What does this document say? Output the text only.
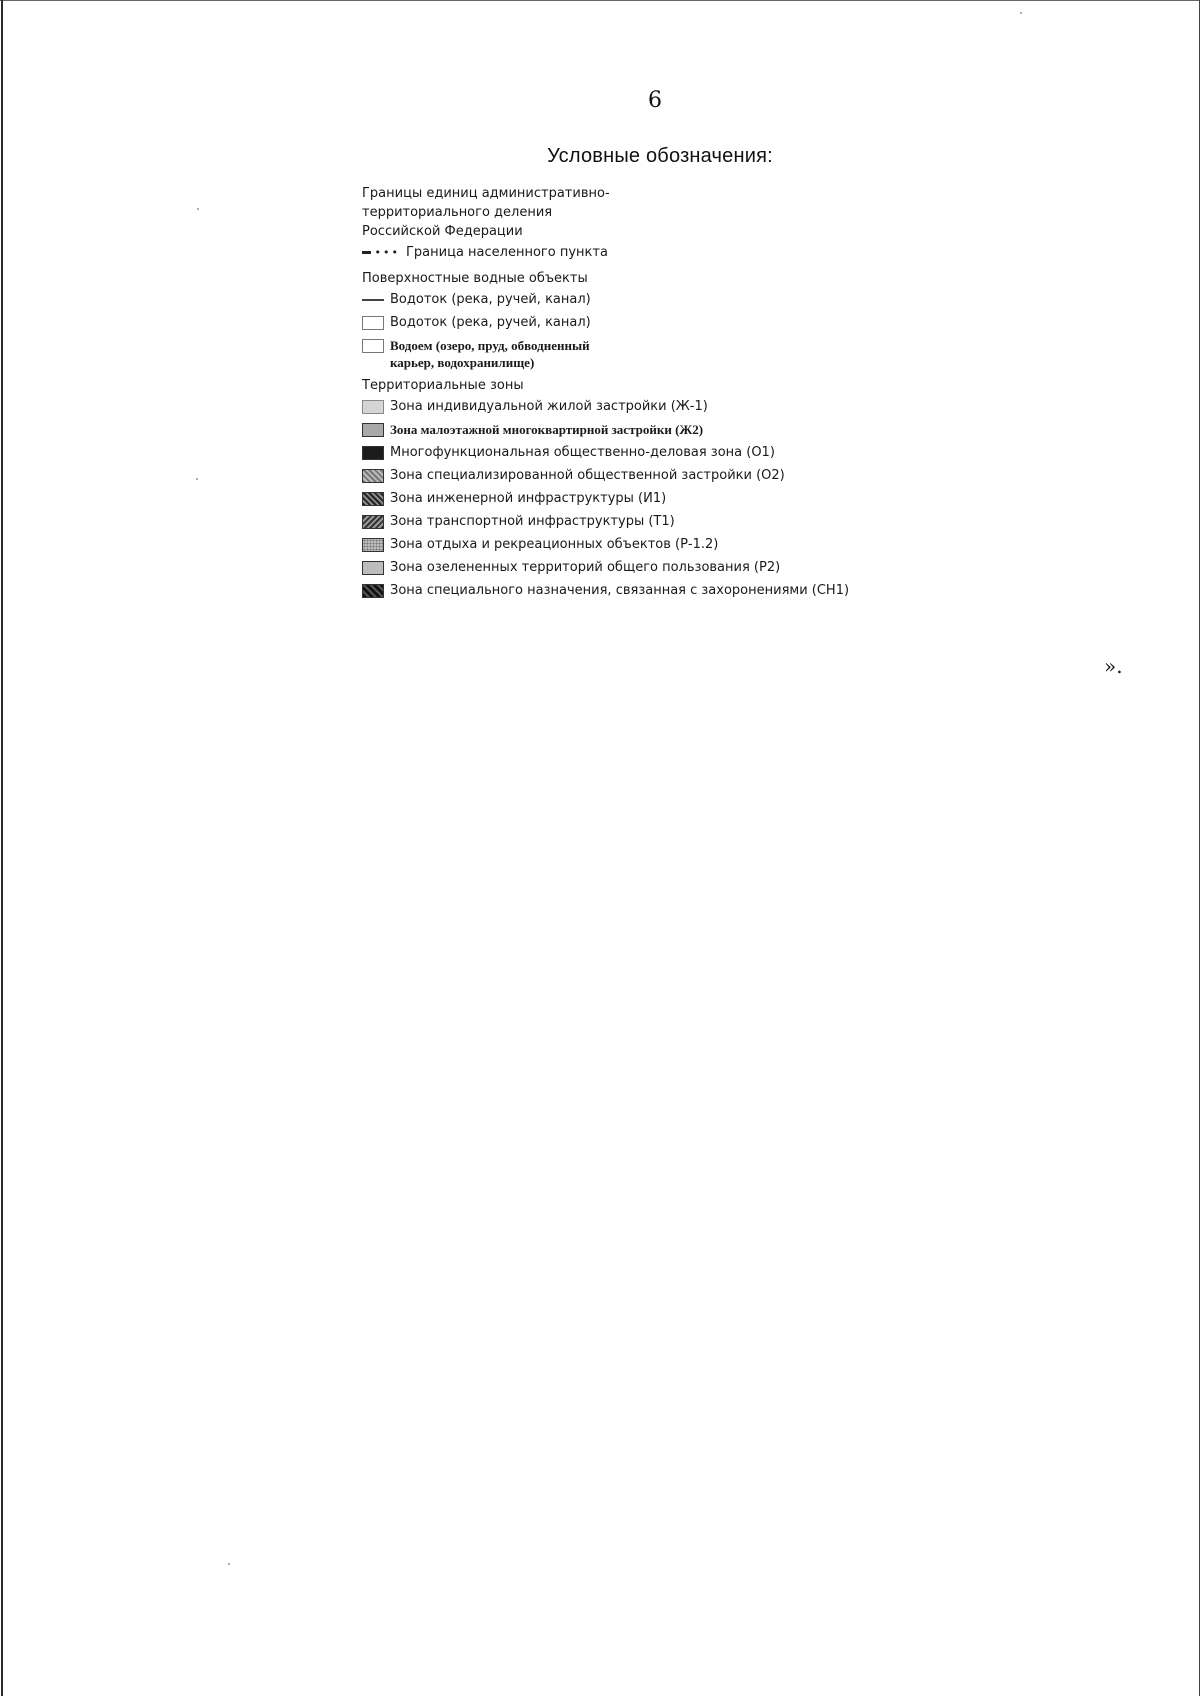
6
Условные обозначения:
Границы единиц административно-
территориального деления
Российской Федерации
••• Граница населенного пункта
Поверхностные водные объекты
Водоток (река, ручей, канал)
Водоток (река, ручей, канал)
Водоем (озеро, пруд, обводненный
карьер, водохранилище)
Территориальные зоны
Зона индивидуальной жилой застройки (Ж-1)
Зона малоэтажной многоквартирной застройки (Ж2)
Многофункциональная общественно-деловая зона (О1)
Зона специализированной общественной застройки (О2)
Зона инженерной инфраструктуры (И1)
Зона транспортной инфраструктуры (Т1)
Зона отдыха и рекреационных объектов (Р-1.2)
Зона озелененных территорий общего пользования (Р2)
Зона специального назначения, связанная с захоронениями (СН1)
».
